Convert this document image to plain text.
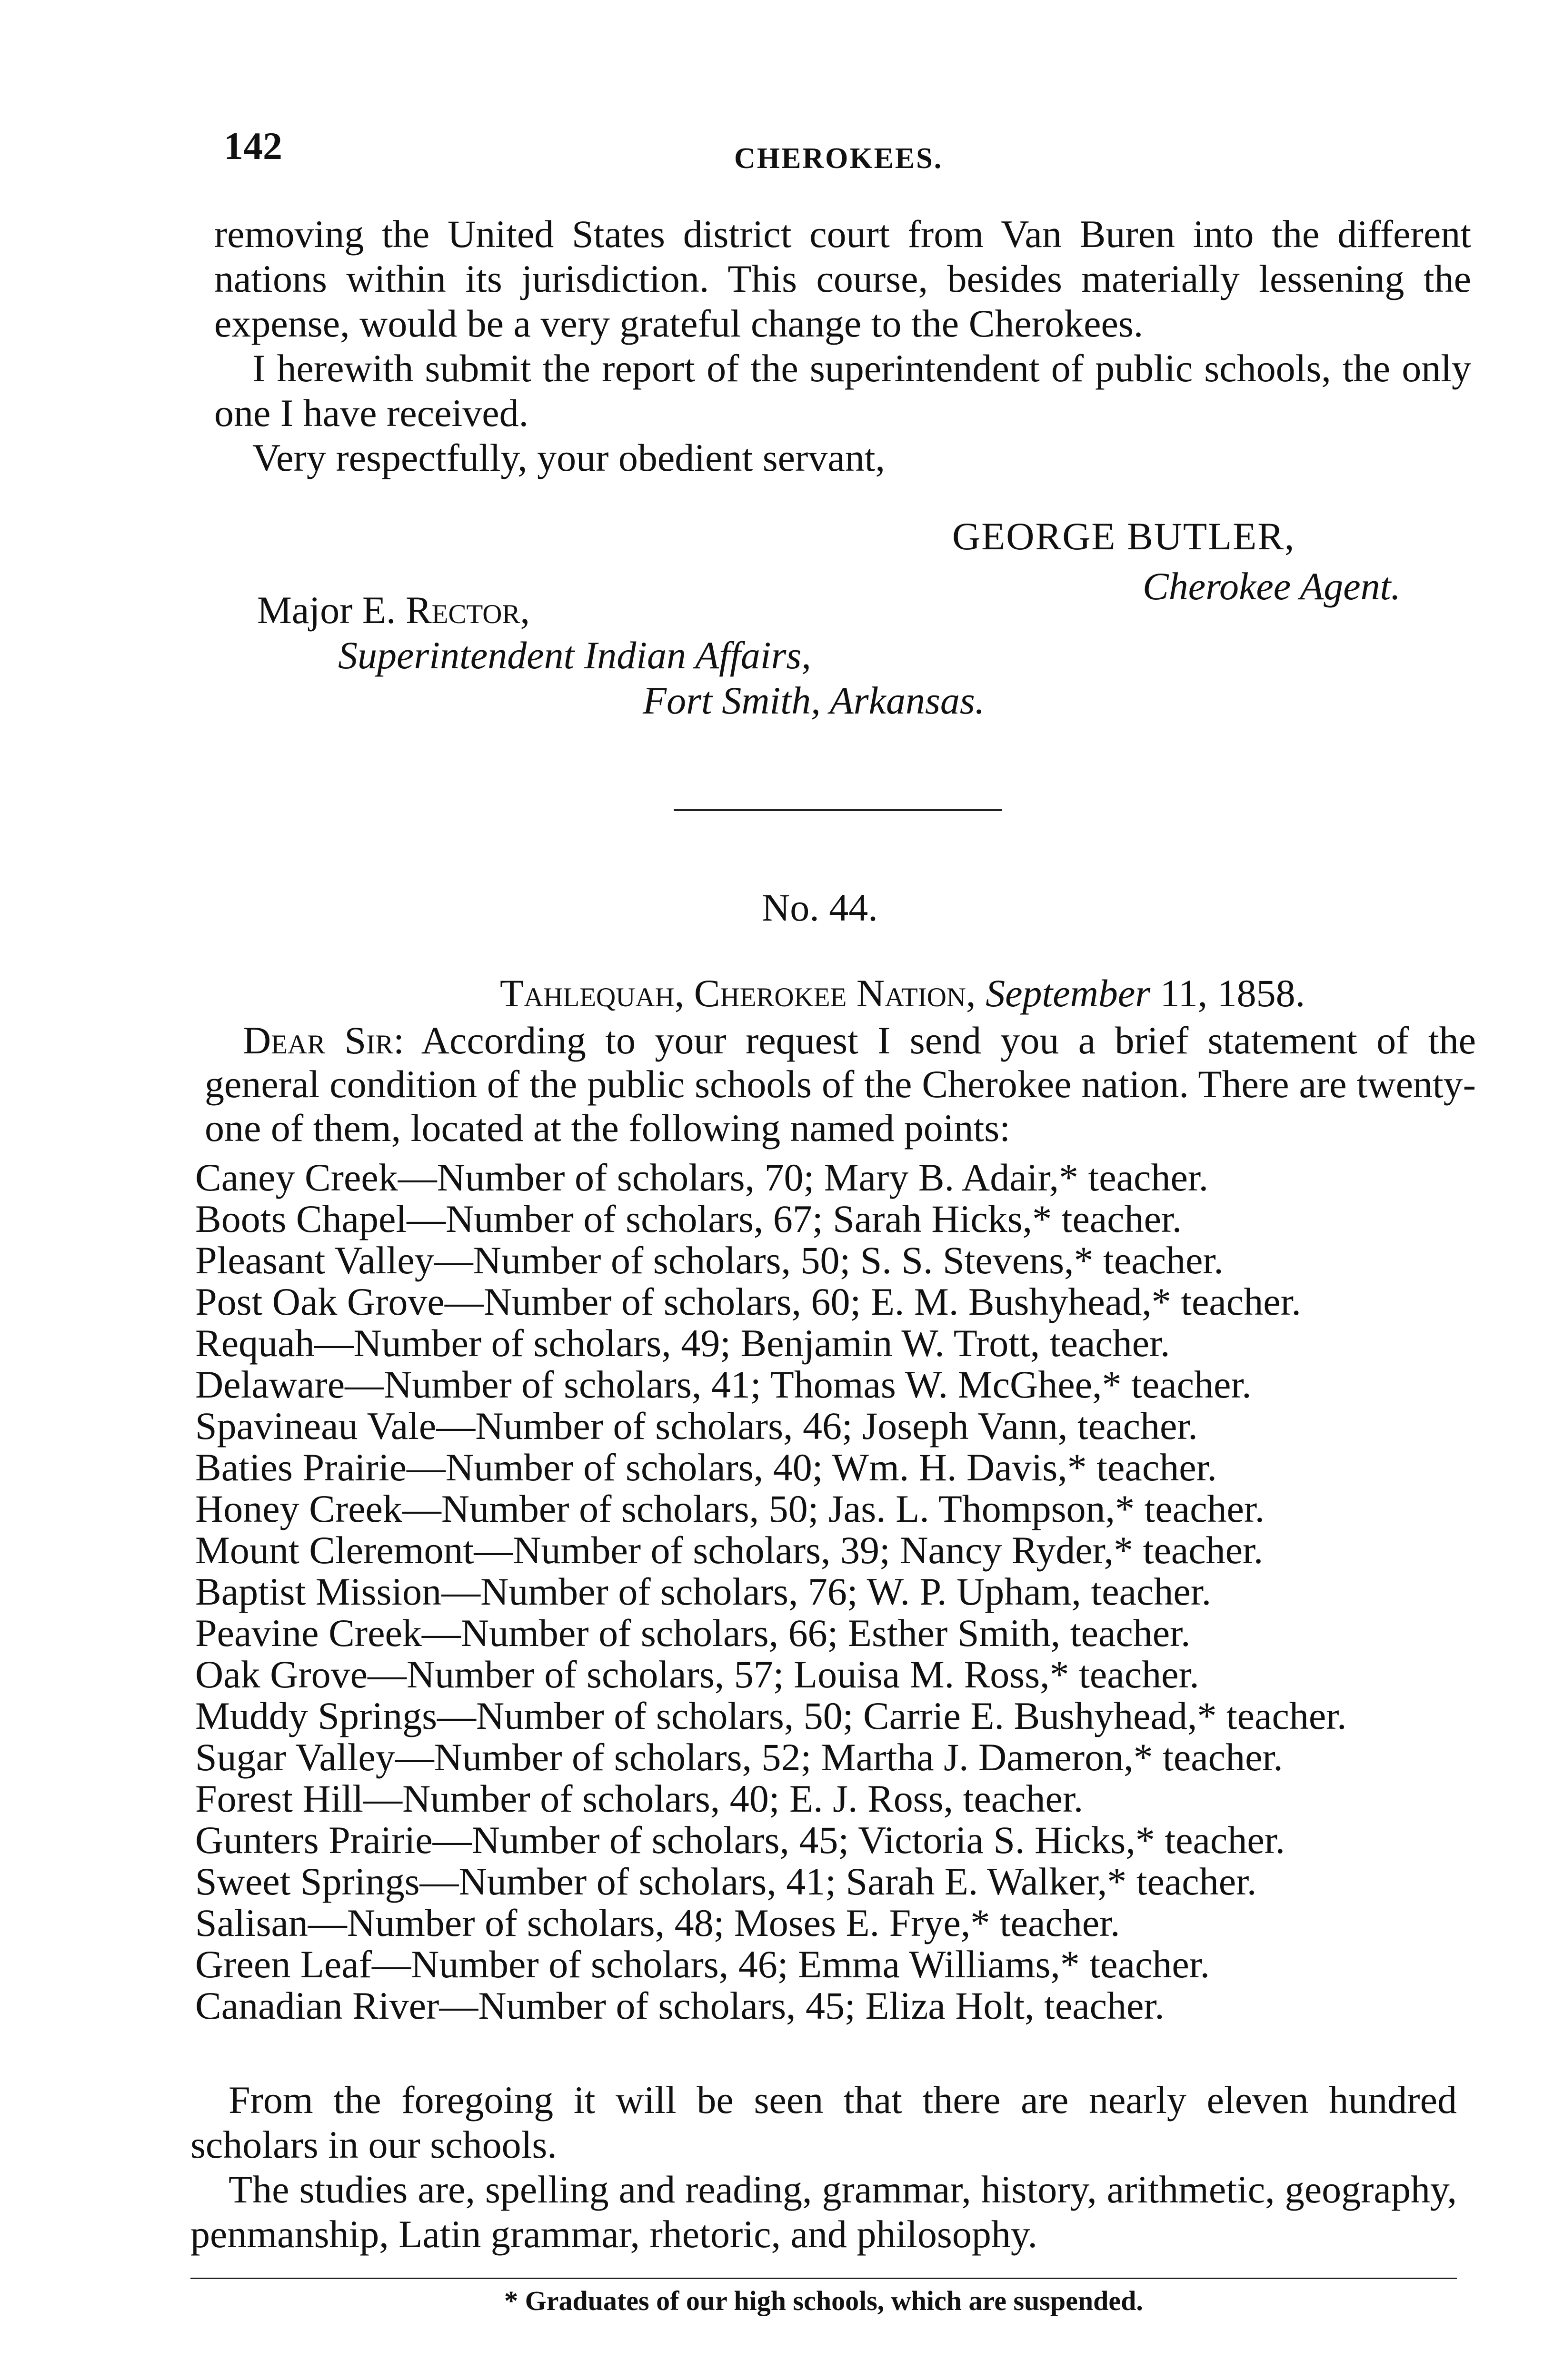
142	CHEROKEES.

removing the United States district court from Van Buren into the different nations within its jurisdiction. This course, besides materially lessening the expense, would be a very grateful change to the Cherokees.

I herewith submit the report of the superintendent of public schools, the only one I have received.

Very respectfully, your obedient servant,

GEORGE BUTLER,
Cherokee Agent.
Major E. Rector,
Superintendent Indian Affairs,
Fort Smith, Arkansas.
No. 44.
Tahlequah, Cherokee Nation, September 11, 1858.

Dear Sir: According to your request I send you a brief statement of the general condition of the public schools of the Cherokee nation. There are twenty-one of them, located at the following named points:

Caney Creek—Number of scholars, 70; Mary B. Adair,* teacher.

Boots Chapel—Number of scholars, 67; Sarah Hicks,* teacher.

Pleasant Valley—Number of scholars, 50; S. S. Stevens,* teacher.

Post Oak Grove—Number of scholars, 60; E. M. Bushyhead,* teacher.

Requah—Number of scholars, 49; Benjamin W. Trott, teacher.

Delaware—Number of scholars, 41; Thomas W. McGhee,* teacher.

Spavineau Vale—Number of scholars, 46; Joseph Vann, teacher.

Baties Prairie—Number of scholars, 40; Wm. H. Davis,* teacher.

Honey Creek—Number of scholars, 50; Jas. L. Thompson,* teacher.

Mount Cleremont—Number of scholars, 39; Nancy Ryder,* teacher.

Baptist Mission—Number of scholars, 76; W. P. Upham, teacher.

Peavine Creek—Number of scholars, 66; Esther Smith, teacher.

Oak Grove—Number of scholars, 57; Louisa M. Ross,* teacher.

Muddy Springs—Number of scholars, 50; Carrie E. Bushyhead,* teacher.

Sugar Valley—Number of scholars, 52; Martha J. Dameron,* teacher.

Forest Hill—Number of scholars, 40; E. J. Ross, teacher.

Gunters Prairie—Number of scholars, 45; Victoria S. Hicks,* teacher.

Sweet Springs—Number of scholars, 41; Sarah E. Walker,* teacher.

Salisan—Number of scholars, 48; Moses E. Frye,* teacher.

Green Leaf—Number of scholars, 46; Emma Williams,* teacher.

Canadian River—Number of scholars, 45; Eliza Holt, teacher.

From the foregoing it will be seen that there are nearly eleven hundred scholars in our schools.

The studies are, spelling and reading, grammar, history, arithmetic, geography, penmanship, Latin grammar, rhetoric, and philosophy.

* Graduates of our high schools, which are suspended.
